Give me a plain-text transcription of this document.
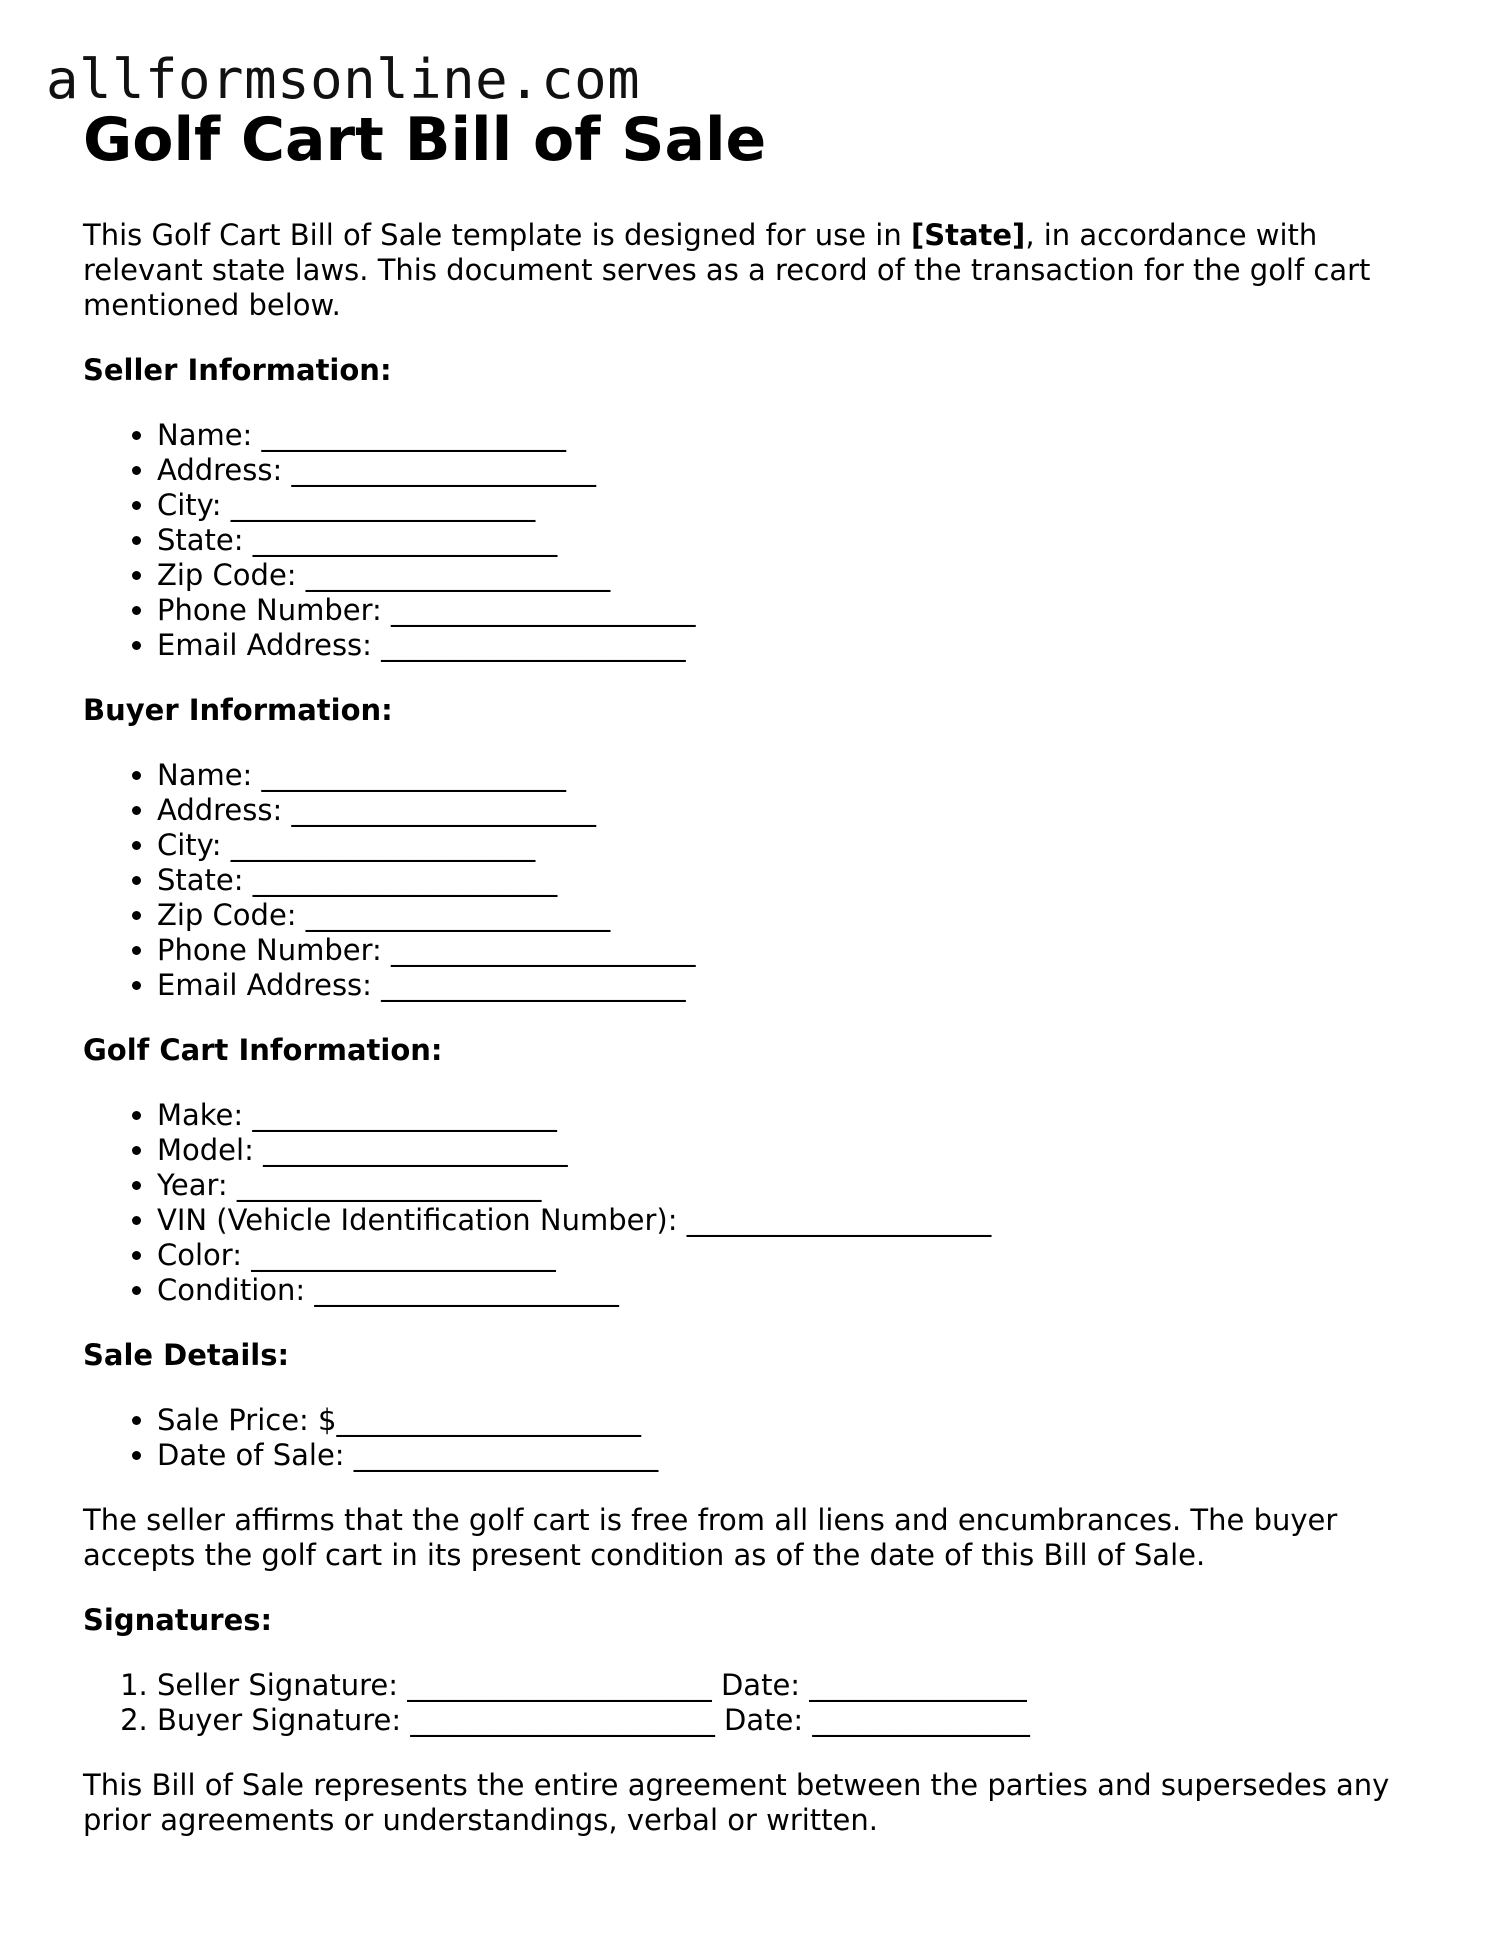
allformsonline.com
Golf Cart Bill of Sale

This Golf Cart Bill of Sale template is designed for use in [State], in accordance with relevant state laws. This document serves as a record of the transaction for the golf cart mentioned below.

Seller Information:
• Name: _____________________
• Address: _____________________
• City: _____________________
• State: _____________________
• Zip Code: _____________________
• Phone Number: _____________________
• Email Address: _____________________
Buyer Information:
• Name: _____________________
• Address: _____________________
• City: _____________________
• State: _____________________
• Zip Code: _____________________
• Phone Number: _____________________
• Email Address: _____________________
Golf Cart Information:
• Make: _____________________
• Model: _____________________
• Year: _____________________
• VIN (Vehicle Identification Number): _____________________
• Color: _____________________
• Condition: _____________________
Sale Details:
• Sale Price: $_____________________
• Date of Sale: _____________________

The seller affirms that the golf cart is free from all liens and encumbrances. The buyer accepts the golf cart in its present condition as of the date of this Bill of Sale.

Signatures:
1. Seller Signature: _____________________ Date: _______________
2. Buyer Signature: _____________________ Date: _______________

This Bill of Sale represents the entire agreement between the parties and supersedes any prior agreements or understandings, verbal or written.
